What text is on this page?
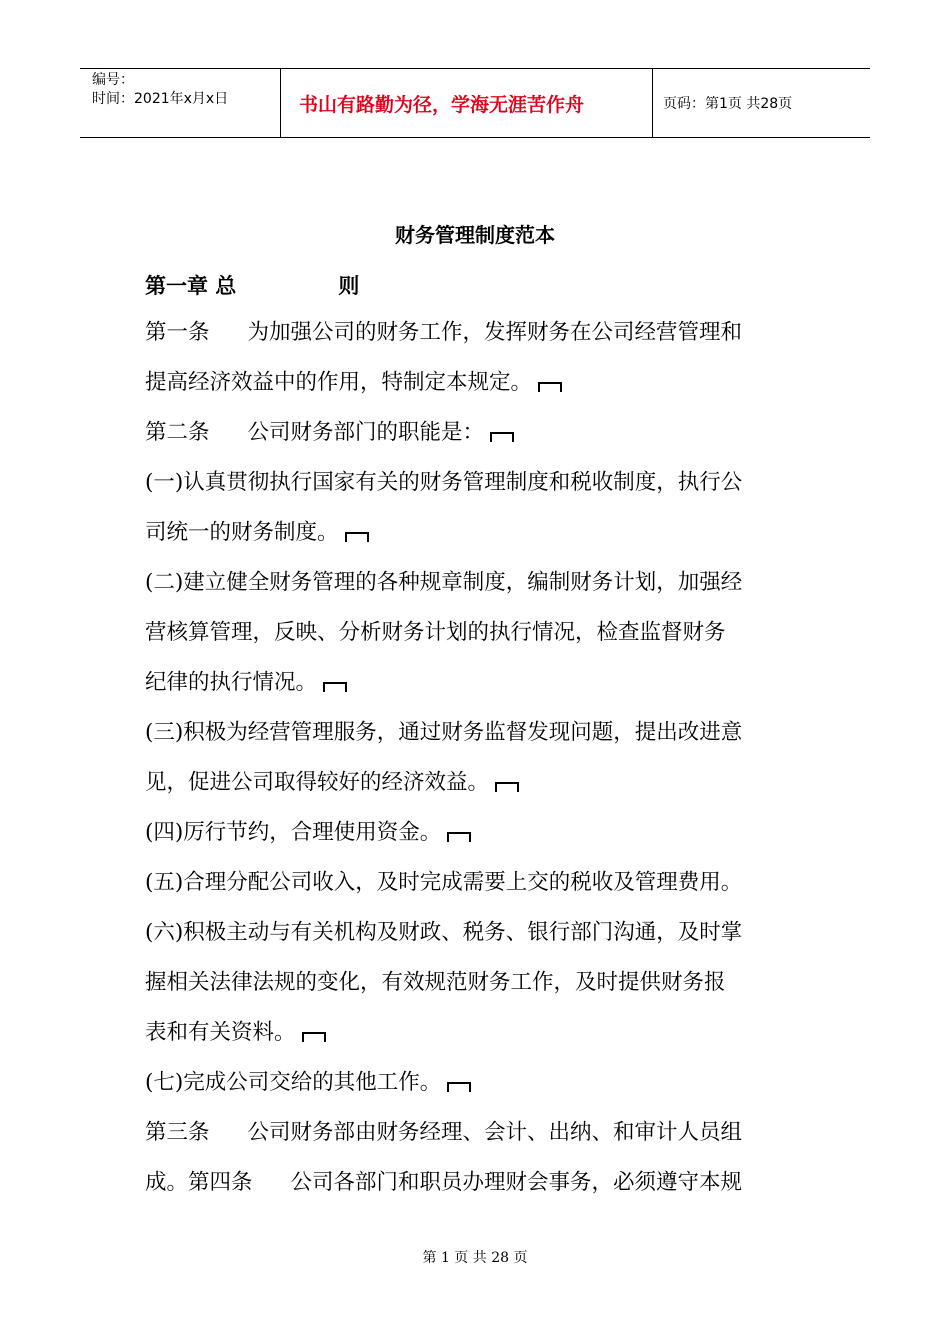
编号：
时间：2021年x月x日	书山有路勤为径，学海无涯苦作舟	页码：第1页 共28页
财务管理制度范本
第一章 总	则
第一条 为加强公司的财务工作，发挥财务在公司经营管理和
提高经济效益中的作用，特制定本规定。
第二条 公司财务部门的职能是：
(一)认真贯彻执行国家有关的财务管理制度和税收制度，执行公
司统一的财务制度。
(二)建立健全财务管理的各种规章制度，编制财务计划，加强经
营核算管理，反映、分析财务计划的执行情况，检查监督财务
纪律的执行情况。
(三)积极为经营管理服务，通过财务监督发现问题，提出改进意
见，促进公司取得较好的经济效益。
(四)厉行节约，合理使用资金。
(五)合理分配公司收入，及时完成需要上交的税收及管理费用。
(六)积极主动与有关机构及财政、税务、银行部门沟通，及时掌
握相关法律法规的变化，有效规范财务工作，及时提供财务报
表和有关资料。
(七)完成公司交给的其他工作。
第三条 公司财务部由财务经理、会计、出纳、和审计人员组
成。第四条 公司各部门和职员办理财会事务，必须遵守本规
第 1 页 共 28 页
